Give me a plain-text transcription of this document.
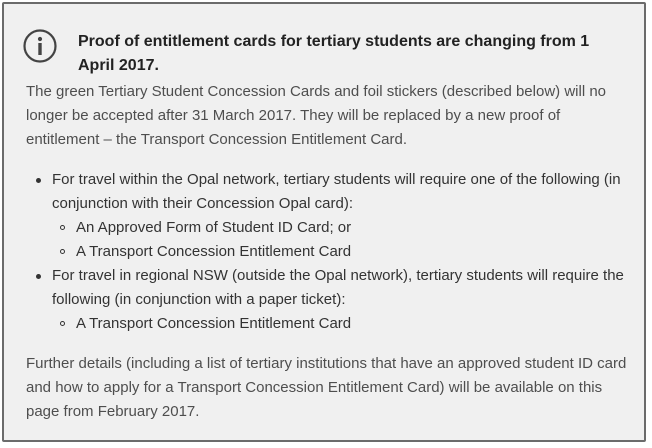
Proof of entitlement cards for tertiary students are changing from 1 April 2017.

The green Tertiary Student Concession Cards and foil stickers (described below) will no longer be accepted after 31 March 2017. They will be replaced by a new proof of entitlement – the Transport Concession Entitlement Card.

For travel within the Opal network, tertiary students will require one of the following (in conjunction with their Concession Opal card):
An Approved Form of Student ID Card; or
A Transport Concession Entitlement Card
For travel in regional NSW (outside the Opal network), tertiary students will require the following (in conjunction with a paper ticket):
A Transport Concession Entitlement Card

Further details (including a list of tertiary institutions that have an approved student ID card and how to apply for a Transport Concession Entitlement Card) will be available on this page from February 2017.
